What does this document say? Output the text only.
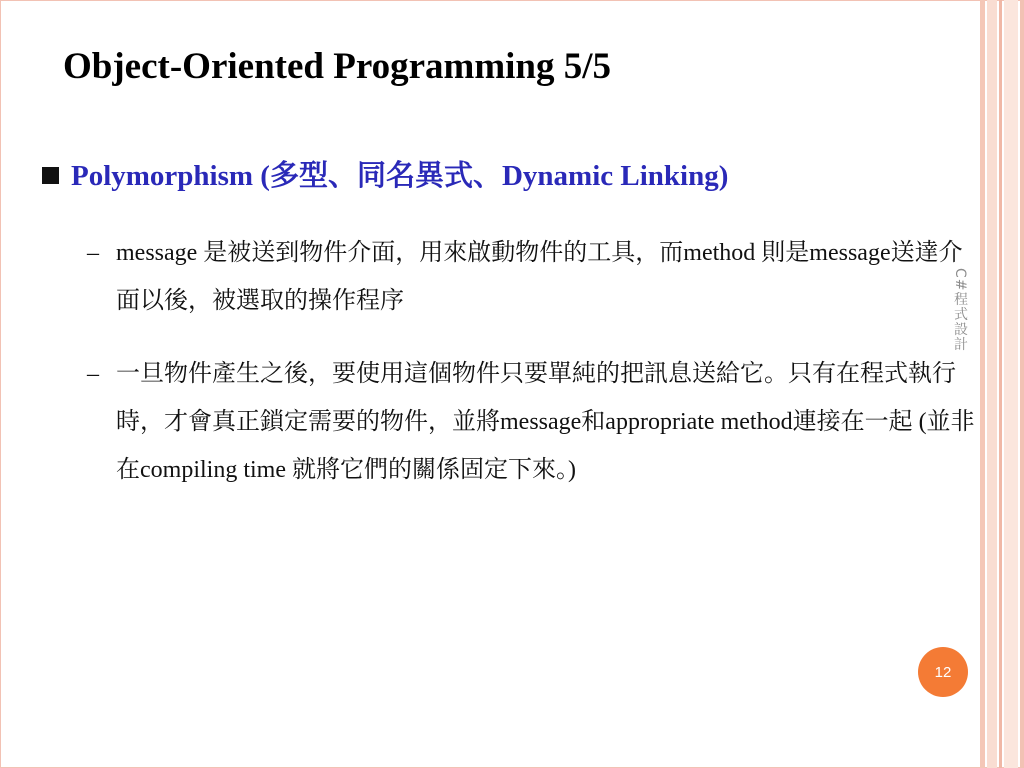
Object-Oriented Programming 5/5
Polymorphism (多型、同名異式、Dynamic Linking)
– message 是被送到物件介面，用來啟動物件的工具，而method 則是message送達介面以後，被選取的操作程序
– 一旦物件產生之後，要使用這個物件只要單純的把訊息送給它。只有在程式執行時，才會真正鎖定需要的物件，並將message和appropriate method連接在一起 (並非在compiling time 就將它們的關係固定下來。)
C#程式設計
12
